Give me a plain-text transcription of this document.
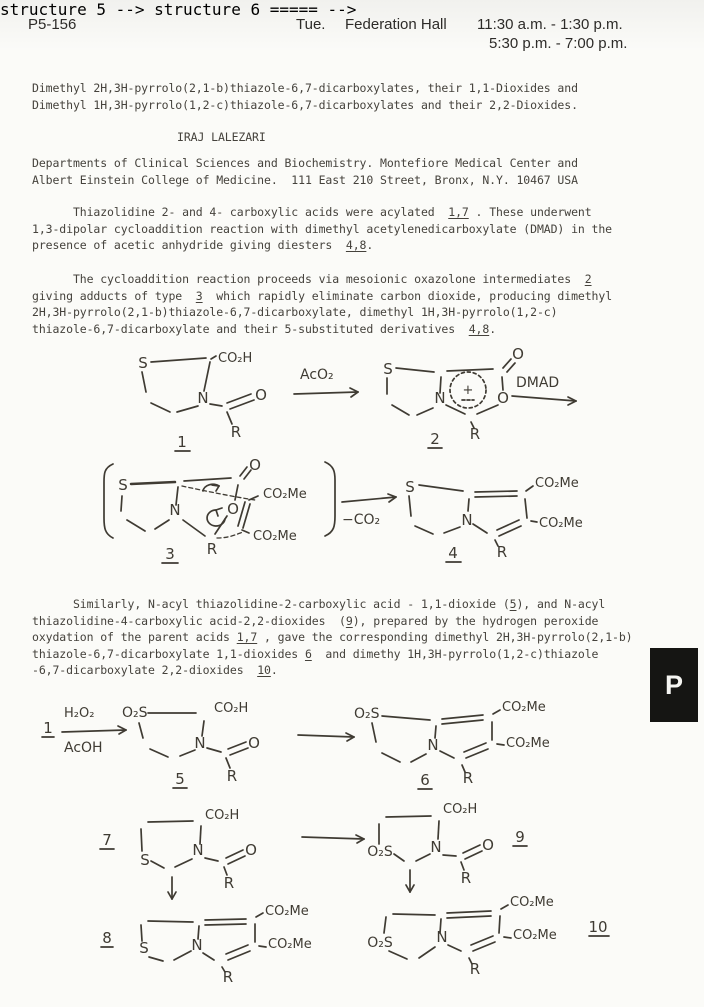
P5-156	Tue. Federation Hall 11:30 a.m. - 1:30 p.m.
5:30 p.m. - 7:00 p.m.
Dimethyl 2H,3H-pyrrolo(2,1-b)thiazole-6,7-dicarboxylates, their 1,1-Dioxides and
Dimethyl 1H,3H-pyrrolo(1,2-c)thiazole-6,7-dicarboxylates and their 2,2-Dioxides.
IRAJ LALEZARI
Departments of Clinical Sciences and Biochemistry. Montefiore Medical Center and
Albert Einstein College of Medicine.  111 East 210 Street, Bronx, N.Y. 10467 USA
Thiazolidine 2- and 4- carboxylic acids were acylated  1,7 . These underwent
1,3-dipolar cycloaddition reaction with dimethyl acetylenedicarboxylate (DMAD) in the
presence of acetic anhydride giving diesters  4,8.
The cycloaddition reaction proceeds via mesoionic oxazolone intermediates  2
giving adducts of type  3  which rapidly eliminate carbon dioxide, producing dimethyl
2H,3H-pyrrolo(2,1-b)thiazole-6,7-dicarboxylate, dimethyl 1H,3H-pyrrolo(1,2-c)
thiazole-6,7-dicarboxylate and their 5-substituted derivatives  4,8.
Similarly, N-acyl thiazolidine-2-carboxylic acid - 1,1-dioxide (5), and N-acyl
thiazolidine-4-carboxylic acid-2,2-dioxides  (9), prepared by the hydrogen peroxide
oxydation of the parent acids 1,7 , gave the corresponding dimethyl 2H,3H-pyrrolo(2,1-b)
thiazole-6,7-dicarboxylate 1,1-dioxides 6  and dimethy 1H,3H-pyrrolo(1,2-c)thiazole
-6,7-dicarboxylate 2,2-dioxides  10.	P
S	CO₂H
N	O
R
1
AcO₂
+
S
N
O
O
R
2
DMAD
S
N
O
O
CO₂Me
CO₂Me
R
3
−CO₂
S
N
CO₂Me
CO₂Me
R
4
structure 5 --> structure 6 ===== -->
1
H₂O₂
AcOH
O₂S	CO₂H
N	O
R
5
O₂S
N
CO₂Me
CO₂Me
R
6
7
CO₂H
N
S
O
R
CO₂H
N
O₂S	O
R
9
8
S	N
CO₂Me
CO₂Me
R
O₂S	N
CO₂Me
CO₂Me
R
10
